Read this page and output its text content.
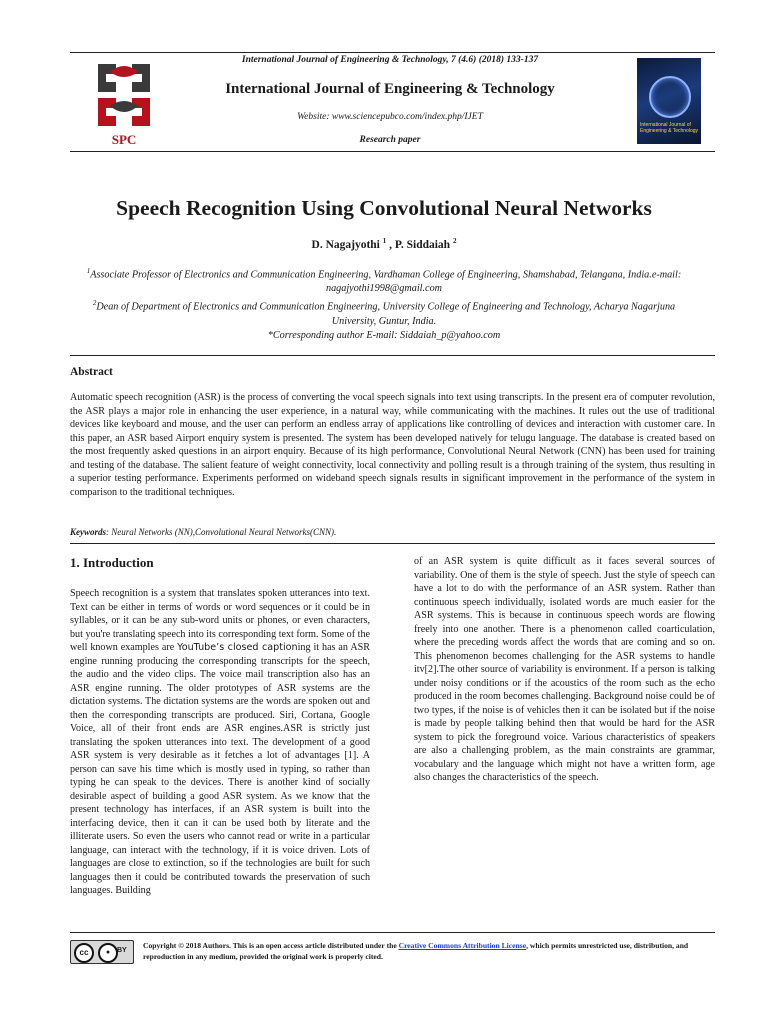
SPC
International Journal of Engineering & Technology, 7 (4.6) (2018) 133-137
International Journal of Engineering & Technology
Website: www.sciencepubco.com/index.php/IJET
Research paper
International Journal of Engineering & Technology
Speech Recognition Using Convolutional Neural Networks
D. Nagajyothi $^1$ , P. Siddaiah $^2$
$^1$Associate Professor of Electronics and Communication Engineering, Vardhaman College of Engineering, Shamshabad, Telangana, India.e-mail: nagajyothi1998@gmail.com
$^2$Dean of Department of Electronics and Communication Engineering, University College of Engineering and Technology, Acharya Nagarjuna University, Guntur, India.
*Corresponding author E-mail: Siddaiah_p@yahoo.com
Abstract
Automatic speech recognition (ASR) is the process of converting the vocal speech signals into text using transcripts. In the present era of computer revolution, the ASR plays a major role in enhancing the user experience, in a natural way, while communicating with the machines. It rules out the use of traditional devices like keyboard and mouse, and the user can perform an endless array of applications like controlling of devices and interaction with customer care. In this paper, an ASR based Airport enquiry system is presented. The system has been developed natively for telugu language. The database is created based on the most frequently asked questions in an airport enquiry. Because of its high performance, Convolutional Neural Network (CNN) has been used for training and testing of the database. The salient feature of weight connectivity, local connectivity and polling result is a through training of the system, thus resulting in a superior testing performance. Experiments performed on wideband speech signals results in significant improvement in the performance of the system in comparison to the traditional techniques.
Keywords: Neural Networks (NN),Convolutional Neural Networks(CNN).
1. Introduction
Speech recognition is a system that translates spoken utterances into text. Text can be either in terms of words or word sequences or it could be in syllables, or it can be any sub-word units or phones, or even characters, but you're translating speech into its corresponding text form. Some of the well known examples are YouTube’s closed captioning it has an ASR engine running producing the corresponding transcripts for the speech, the audio and the video clips. The voice mail transcription also has an ASR engine running. The older prototypes of ASR systems are the dictation systems. The dictation systems are the words are spoken out and then the corresponding transcripts are produced. Siri, Cortana, Google Voice, all of their front ends are ASR engines.ASR is strictly just translating the spoken utterances into text. The development of a good ASR system is very desirable as it fetches a lot of advantages [1]. A person can save his time which is mostly used in typing, so rather than typing he can speak to the devices. There is another kind of socially desirable aspect of building a good ASR system. As we know that the present technology has interfaces, if an ASR system is built into the interfacing device, then it can it can be used both by literate and the illiterate users. So even the users who cannot read or write in a particular language, can interact with the technology, if it is voice driven. Lots of languages are close to extinction, so if the technologies are built for such languages then it could be contributed towards the preservation of such languages. Building
of an ASR system is quite difficult as it faces several sources of variability. One of them is the style of speech. Just the style of speech can have a lot to do with the performance of an ASR system. Rather than continuous speech individually, isolated words are much easier for the ASR systems. This is because in continuous speech words are flowing freely into one another. There is a phenomenon called coarticulation, where the preceding words affect the words that are coming and so on. This phenomenon becomes challenging for the ASR systems to handle itv[2].The other source of variability is environment. If a person is talking under noisy conditions or if the acoustics of the room such as the echo produced in the room becomes challenging. Background noise could be of two types, if the noise is of vehicles then it can be isolated but if the noise is made by people talking behind then that would be hard for the ASR system to pick the foreground voice. Various characteristics of speakers are also a challenging problem, as the main constraints are grammar, vocabulary and the language which might not have a written form, age also changes the characteristics of the speech.
cc	● BY
Copyright © 2018 Authors. This is an open access article distributed under the Creative Commons Attribution License, which permits unrestricted use, distribution, and reproduction in any medium, provided the original work is properly cited.
